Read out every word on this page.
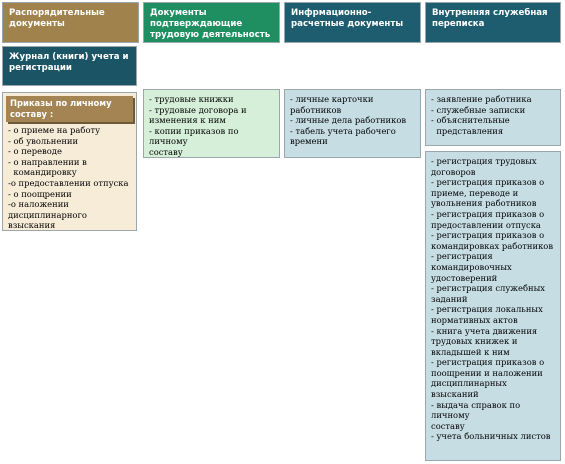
Распорядительные документы
Документы подтверждающие трудовую деятельность
Инфрмационно-расчетные документы
Внутренняя служебная переписка
Журнал (книги) учета и регистрации
Приказы по личному составу :
- о приеме на работу
- об увольнении
- о переводе
- о направлении в
командировку
-о предоставлении отпуска
- о поощрении
-о наложении
дисциплинарного взыскания
- трудовые книжки
- трудовые договора и
изменения к ним
- копии приказов по личному
составу
- личные карточки
работников
- личные дела работников
- табель учета рабочего
времени
- заявление работника
- служебные записки
- объяснительные
представления
- регистрация трудовых
договоров
- регистрация приказов о
приеме, переводе и
увольнения работников
- регистрация приказов о
предоставлении отпуска
- регистрация приказов о
командировках работников
- регистрация
командировочных
удостоверений
- регистрация служебных
заданий
- регистрация локальных
нормативных актов
- книга учета движения
трудовых книжек и
вкладышей к ним
- регистрация приказов о
поощрении и наложении
дисциплинарных взысканий
- выдача справок по личному
составу
- учета больничных листов
